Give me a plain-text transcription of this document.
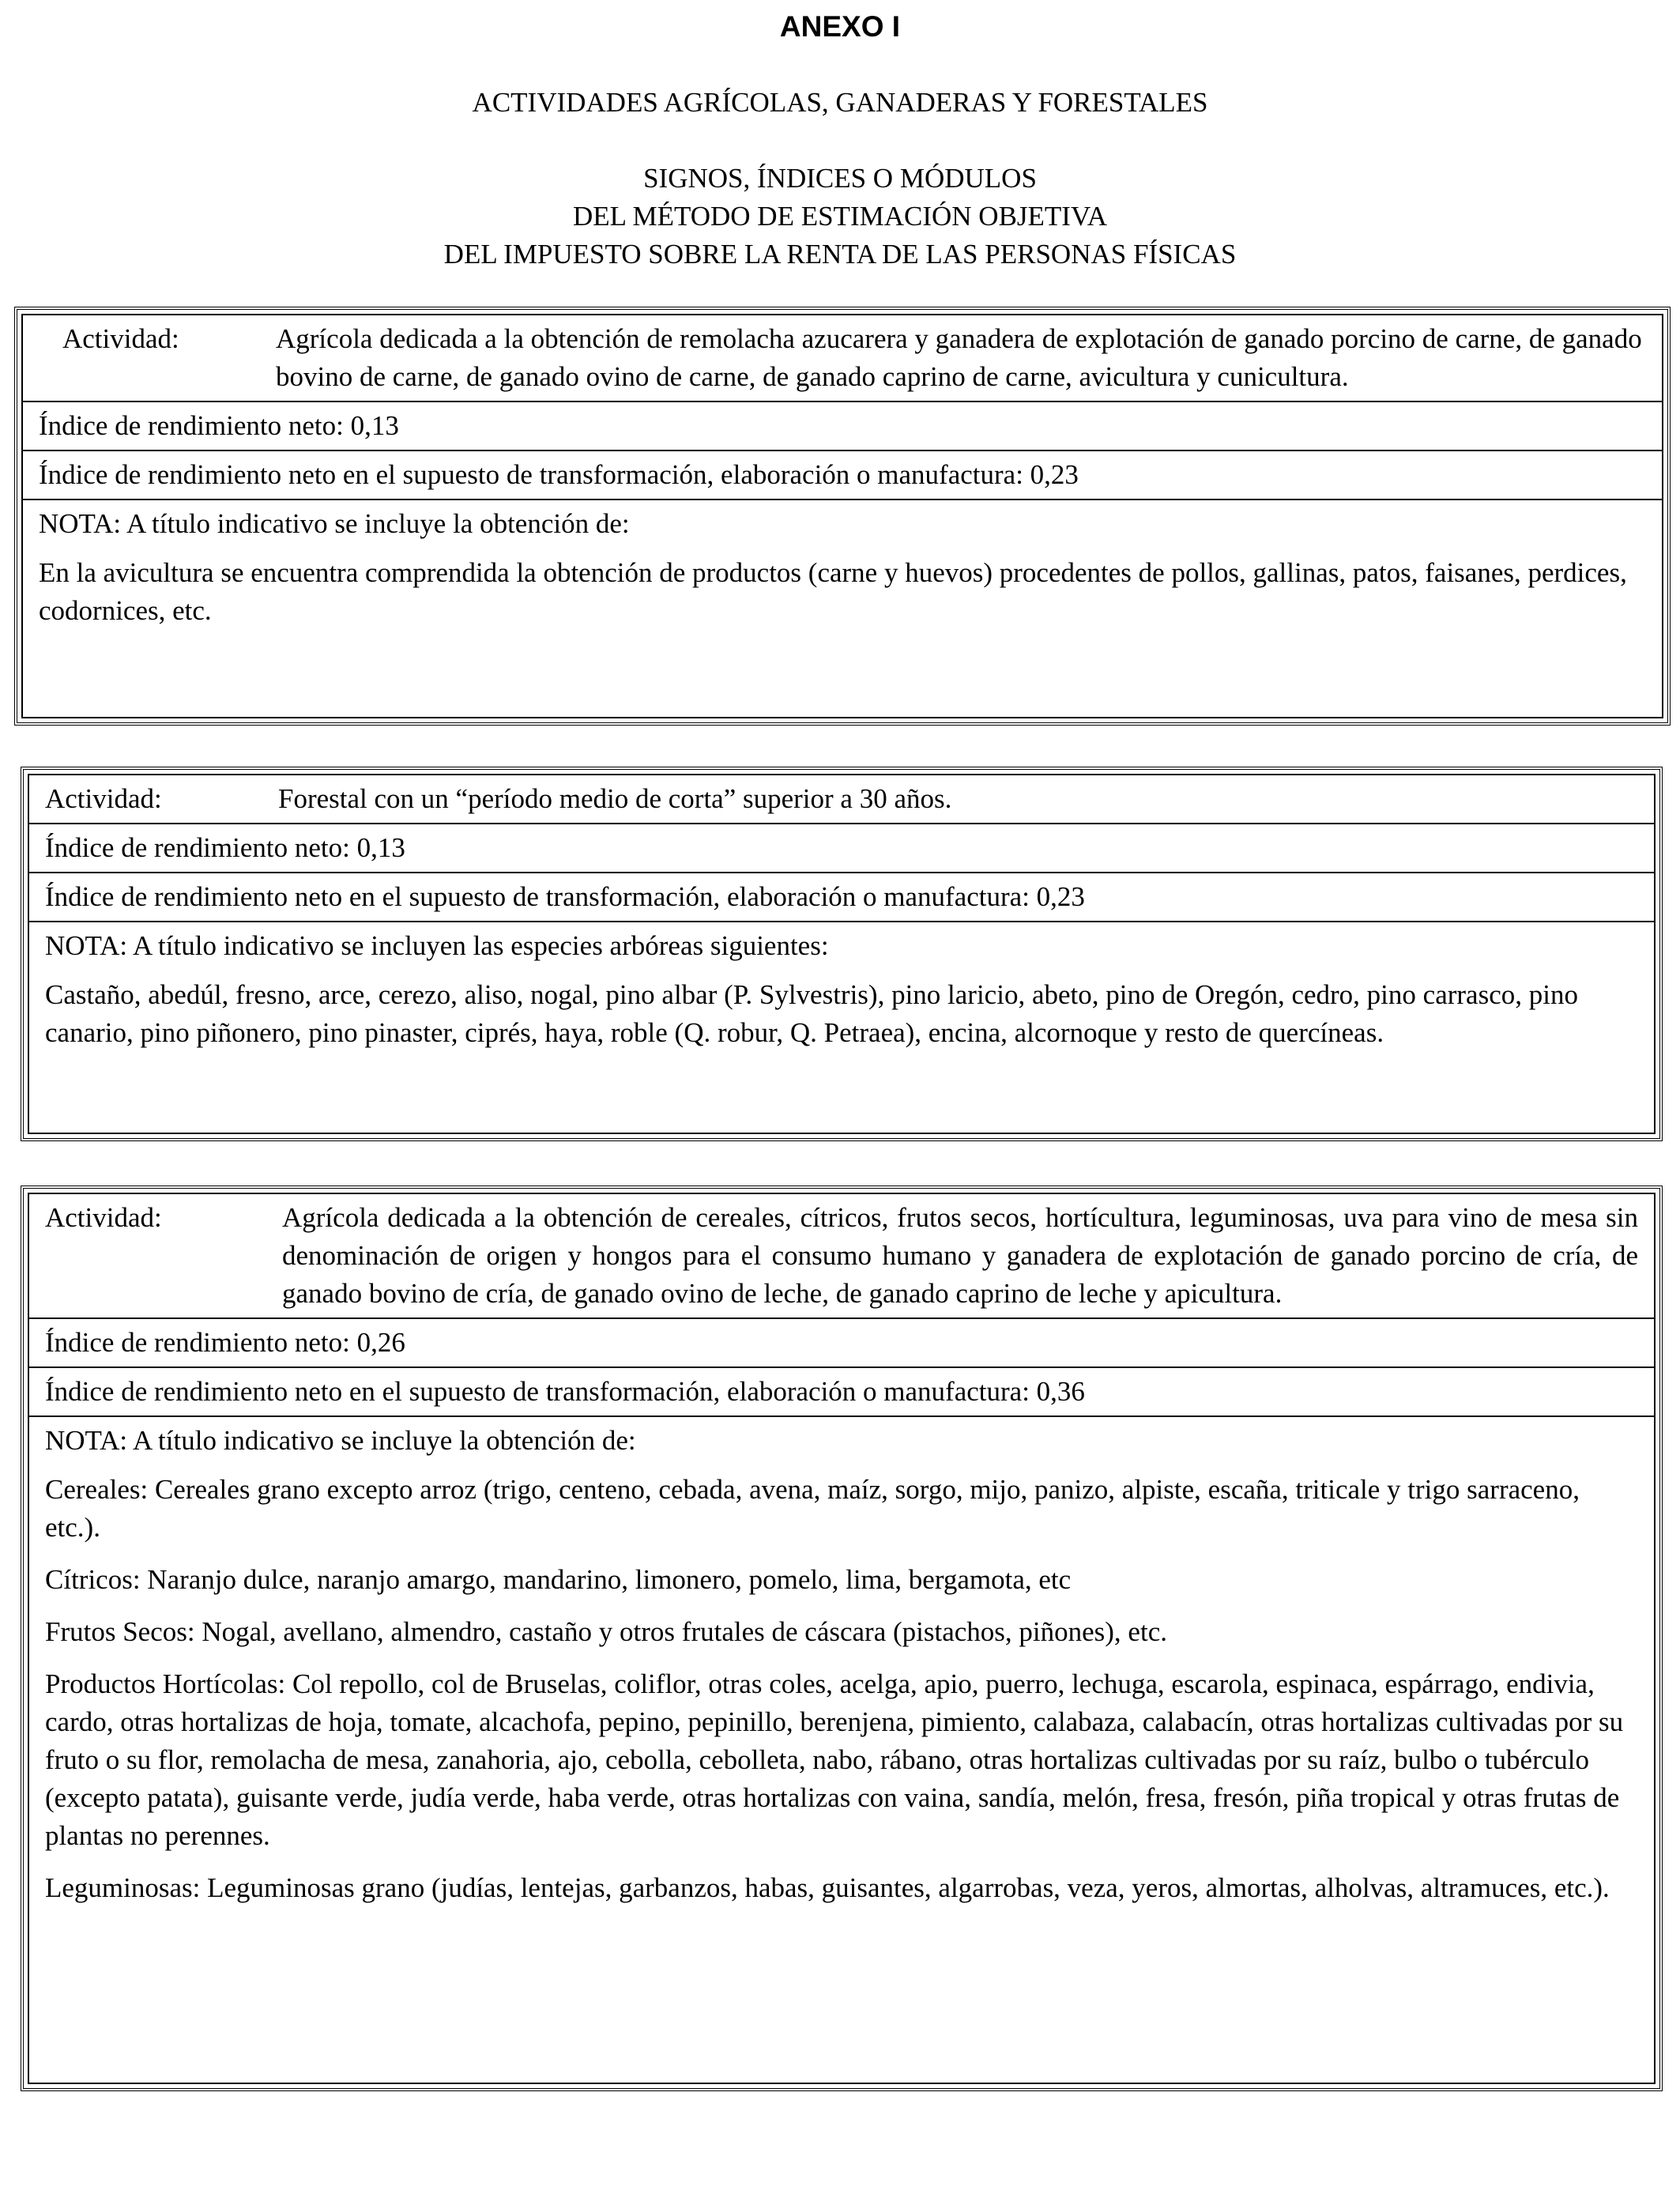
ANEXO I
ACTIVIDADES AGRÍCOLAS, GANADERAS Y FORESTALES
SIGNOS, ÍNDICES O MÓDULOS
DEL MÉTODO DE ESTIMACIÓN OBJETIVA
DEL IMPUESTO SOBRE LA RENTA DE LAS PERSONAS FÍSICAS
Actividad:	Agrícola dedicada a la obtención de remolacha azucarera y ganadera de explotación de ganado porcino de carne, de ganado bovino de carne, de ganado ovino de carne, de ganado caprino de carne, avicultura y cunicultura.
Índice de rendimiento neto: 0,13
Índice de rendimiento neto en el supuesto de transformación, elaboración o manufactura: 0,23
NOTA: A título indicativo se incluye la obtención de:

En la avicultura se encuentra comprendida la obtención de productos (carne y huevos) procedentes de pollos, gallinas, patos, faisanes, perdices, codornices, etc.

Actividad:	Forestal con un “período medio de corta” superior a 30 años.
Índice de rendimiento neto: 0,13
Índice de rendimiento neto en el supuesto de transformación, elaboración o manufactura: 0,23
NOTA: A título indicativo se incluyen las especies arbóreas siguientes:

Castaño, abedúl, fresno, arce, cerezo, aliso, nogal, pino albar (P. Sylvestris), pino laricio, abeto, pino de Oregón, cedro, pino carrasco, pino canario, pino piñonero, pino pinaster, ciprés, haya, roble (Q. robur, Q. Petraea), encina, alcornoque y resto de quercíneas.

Actividad:	Agrícola dedicada a la obtención de cereales, cítricos, frutos secos, hortícultura, leguminosas, uva para vino de mesa sin denominación de origen y hongos para el consumo humano y ganadera de explotación de ganado porcino de cría, de ganado bovino de cría, de ganado ovino de leche, de ganado caprino de leche y apicultura.
Índice de rendimiento neto: 0,26
Índice de rendimiento neto en el supuesto de transformación, elaboración o manufactura: 0,36
NOTA: A título indicativo se incluye la obtención de:

Cereales: Cereales grano excepto arroz (trigo, centeno, cebada, avena, maíz, sorgo, mijo, panizo, alpiste, escaña, triticale y trigo sarraceno, etc.).

Cítricos: Naranjo dulce, naranjo amargo, mandarino, limonero, pomelo, lima, bergamota, etc

Frutos Secos: Nogal, avellano, almendro, castaño y otros frutales de cáscara (pistachos, piñones), etc.

Productos Hortícolas: Col repollo, col de Bruselas, coliflor, otras coles, acelga, apio, puerro, lechuga, escarola, espinaca, espárrago, endivia, cardo, otras hortalizas de hoja, tomate, alcachofa, pepino, pepinillo, berenjena, pimiento, calabaza, calabacín, otras hortalizas cultivadas por su fruto o su flor, remolacha de mesa, zanahoria, ajo, cebolla, cebolleta, nabo, rábano, otras hortalizas cultivadas por su raíz, bulbo o tubérculo (excepto patata), guisante verde, judía verde, haba verde, otras hortalizas con vaina, sandía, melón, fresa, fresón, piña tropical y otras frutas de plantas no perennes.

Leguminosas: Leguminosas grano (judías, lentejas, garbanzos, habas, guisantes, algarrobas, veza, yeros, almortas, alholvas, altramuces, etc.).
